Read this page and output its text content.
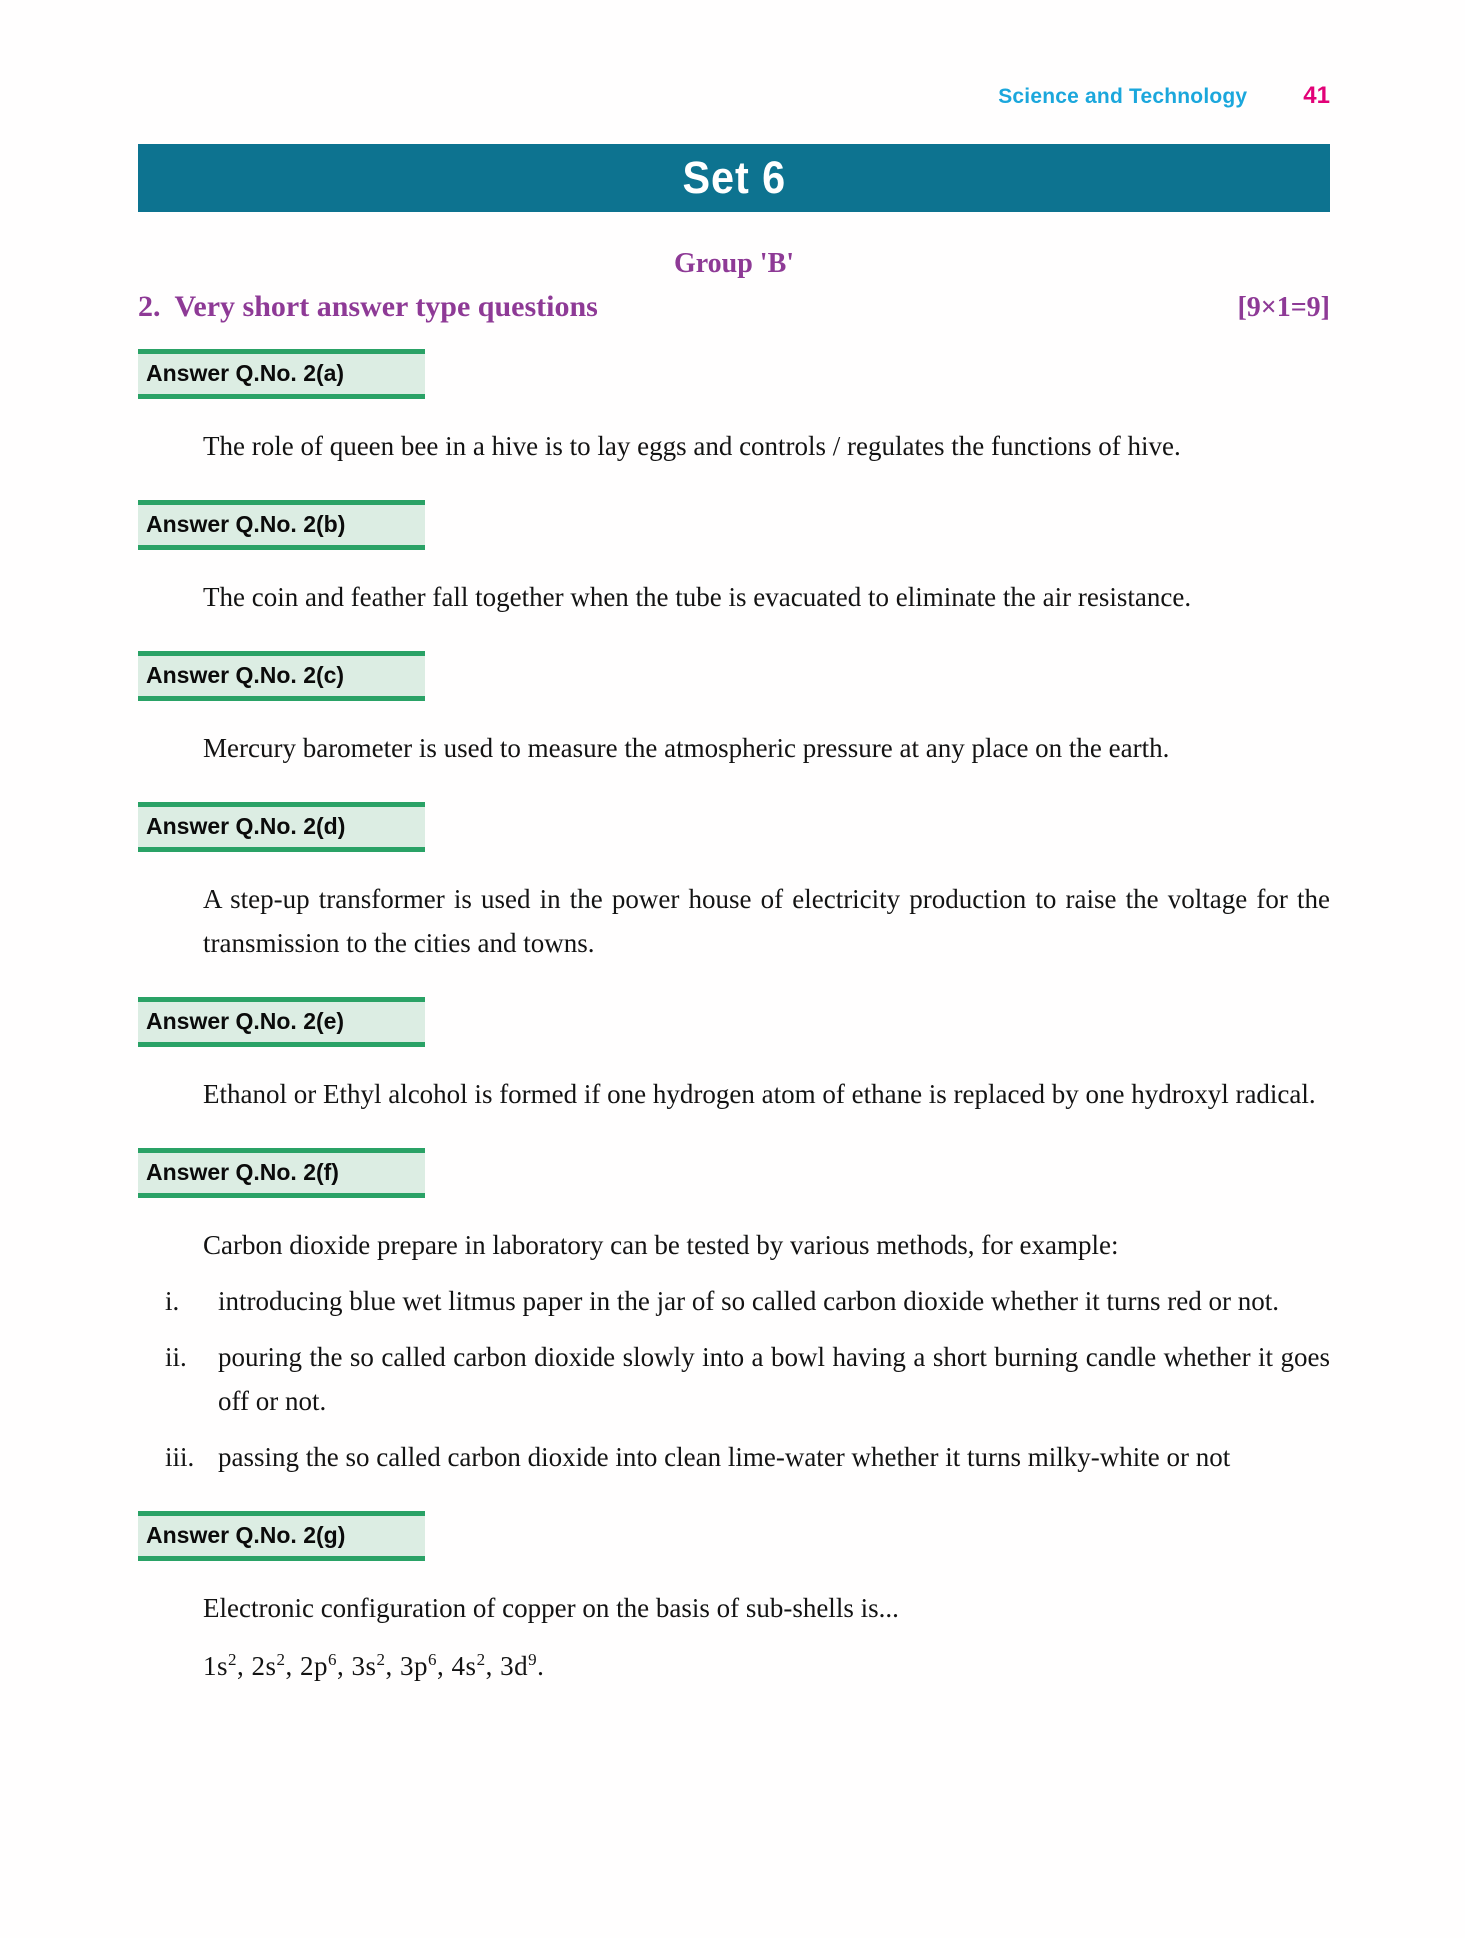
Science and Technology 41
Set 6
Group 'B'
2. Very short answer type questions	[9×1=9]
Answer Q.No. 2(a)
The role of queen bee in a hive is to lay eggs and controls / regulates the functions of hive.
Answer Q.No. 2(b)
The coin and feather fall together when the tube is evacuated to eliminate the air resistance.
Answer Q.No. 2(c)
Mercury barometer is used to measure the atmospheric pressure at any place on the earth.
Answer Q.No. 2(d)
A step-up transformer is used in the power house of electricity production to raise the voltage for the transmission to the cities and towns.
Answer Q.No. 2(e)
Ethanol or Ethyl alcohol is formed if one hydrogen atom of ethane is replaced by one hydroxyl radical.
Answer Q.No. 2(f)
Carbon dioxide prepare in laboratory can be tested by various methods, for example:
i.	introducing blue wet litmus paper in the jar of so called carbon dioxide whether it turns red or not.
ii.	pouring the so called carbon dioxide slowly into a bowl having a short burning candle whether it goes off or not.
iii. passing the so called carbon dioxide into clean lime-water whether it turns milky-white or not
Answer Q.No. 2(g)
Electronic configuration of copper on the basis of sub-shells is...
$1s^2$, $2s^2$, $2p^6$, $3s^2$, $3p^6$, $4s^2$, $3d^9$.
